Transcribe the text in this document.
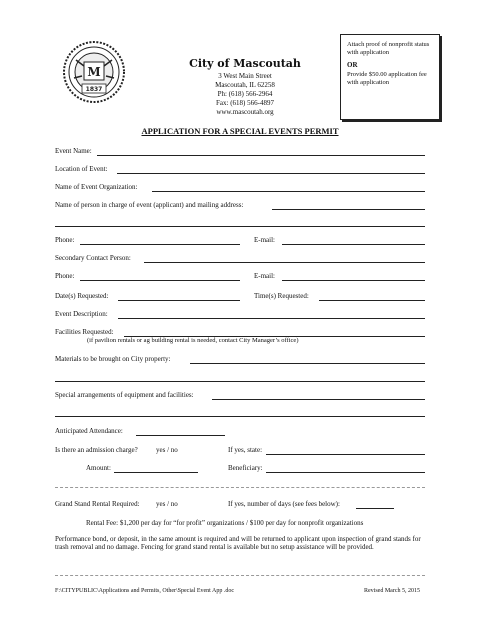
M
1837
City of Mascoutah
3 West Main Street
Mascoutah, IL 62258
Ph: (618) 566-2964
Fax: (618) 566-4897
www.mascoutah.org
Attach proof of nonprofit status with application
OR
Provide $50.00 application fee with application
APPLICATION FOR A SPECIAL EVENTS PERMIT
Event Name:
Location of Event:
Name of Event Organization:
Name of person in charge of event (applicant) and mailing address:
Phone:	E-mail:
Secondary Contact Person:
Phone:	E-mail:
Date(s) Requested:	Time(s) Requested:
Event Description:
Facilities Requested:
(if pavilion rentals or ag building rental is needed, contact City Manager’s office)
Materials to be brought on City property:
Special arrangements of equipment and facilities:
Anticipated Attendance:
Is there an admission charge?	yes / no	If yes, state:
Amount:	Beneficiary:
Grand Stand Rental Required: yes / no	If yes, number of days (see fees below):
Rental Fee: $1,200 per day for “for profit” organizations / $100 per day for nonprofit organizations
Performance bond, or deposit, in the same amount is required and will be returned to applicant upon inspection of grand stands for trash removal and no damage. Fencing for grand stand rental is available but no setup assistance will be provided.
F:\CITYPUBLIC\Applications and Permits, Other\Special Event App .doc	Revised March 5, 2015
